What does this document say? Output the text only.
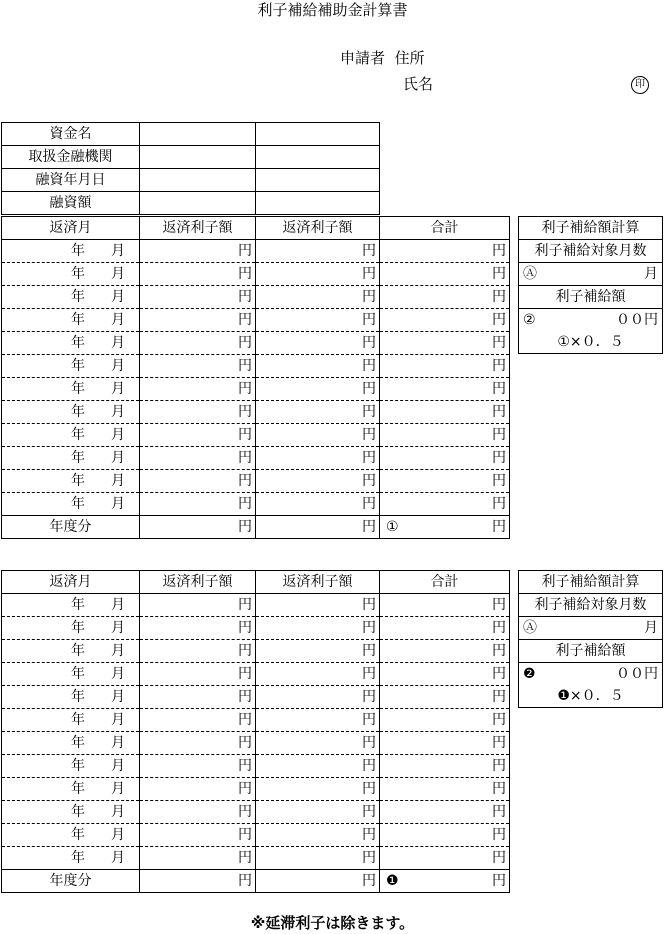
利子補給補助金計算書
申請者 住所
氏名	印
資金名		
取扱金融機関		
融資年月日		
融資額		
返済月	返済利子額	返済利子額	合計

年 月	円	円	円

年 月	円	円	円

年 月	円	円	円

年 月	円	円	円

年 月	円	円	円

年 月	円	円	円

年 月	円	円	円

年 月	円	円	円

年 月	円	円	円

年 月	円	円	円

年 月	円	円	円

年 月	円	円	円
年度分	円	円	① 円
利子補給額計算
利子補給対象月数

Ⓐ	月

利子補給額

②	００円

①×０．５
返済月	返済利子額	返済利子額	合計

年 月	円	円	円

年 月	円	円	円

年 月	円	円	円

年 月	円	円	円

年 月	円	円	円

年 月	円	円	円

年 月	円	円	円

年 月	円	円	円

年 月	円	円	円

年 月	円	円	円

年 月	円	円	円

年 月	円	円	円
年度分	円	円	❶ 円
利子補給額計算
利子補給対象月数

Ⓐ	月

利子補給額

❷	００円

❶×０．５
※延滞利子は除きます。
